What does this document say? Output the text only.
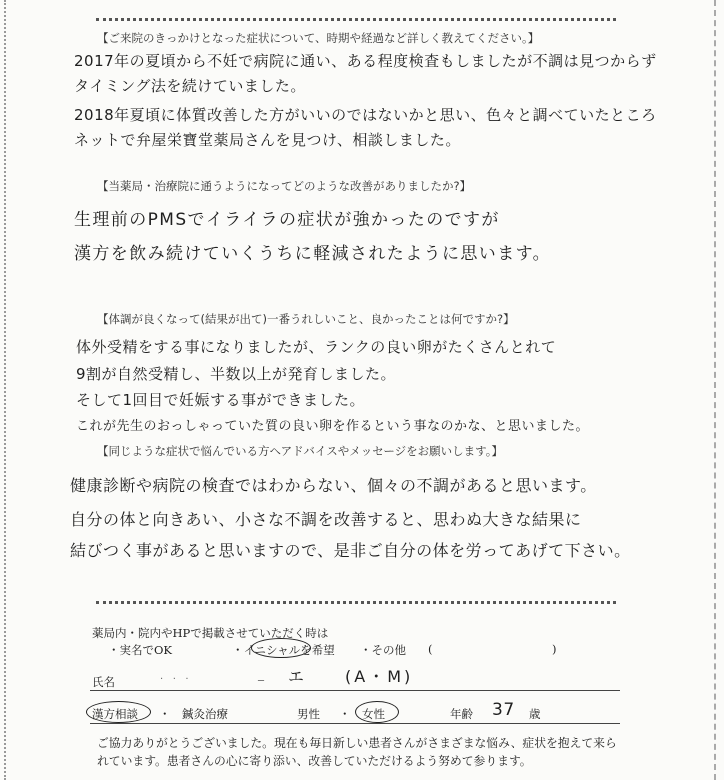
【ご来院のきっかけとなった症状について、時期や経過など詳しく教えてください。】
2017年の夏頃から不妊で病院に通い、ある程度検査もしましたが不調は見つからず
タイミング法を続けていました。
2018年夏頃に体質改善した方がいいのではないかと思い、色々と調べていたところ
ネットで弁屋栄寶堂薬局さんを見つけ、相談しました。
【当薬局・治療院に通うようになってどのような改善がありましたか?】
生理前のPMSでイライラの症状が強かったのですが
漢方を飲み続けていくうちに軽減されたように思います。
【体調が良くなって(結果が出て)一番うれしいこと、良かったことは何ですか?】
体外受精をする事になりましたが、ランクの良い卵がたくさんとれて
9割が自然受精し、半数以上が発育しました。
そして1回目で妊娠する事ができました。
これが先生のおっしゃっていた質の良い卵を作るという事なのかな、と思いました。
【同じような症状で悩んでいる方へアドバイスやメッセージをお願いします。】
健康診断や病院の検査ではわからない、個々の不調があると思います。
自分の体と向きあい、小さな不調を改善すると、思わぬ大きな結果に
結びつく事があると思いますので、是非ご自分の体を労ってあげて下さい。
薬局内・院内やHPで掲載させていただく時は
・実名でOK	・イニシャルを希望 ・その他 (	)
氏名	·   ·   ·	─ エ	(A・M)
漢方相談 ・ 鍼灸治療	男性 ・ 女性	年齢 37 歳
ご協力ありがとうございました。現在も毎日新しい患者さんがさまざまな悩み、症状を抱えて来られています。患者さんの心に寄り添い、改善していただけるよう努めて参ります。
